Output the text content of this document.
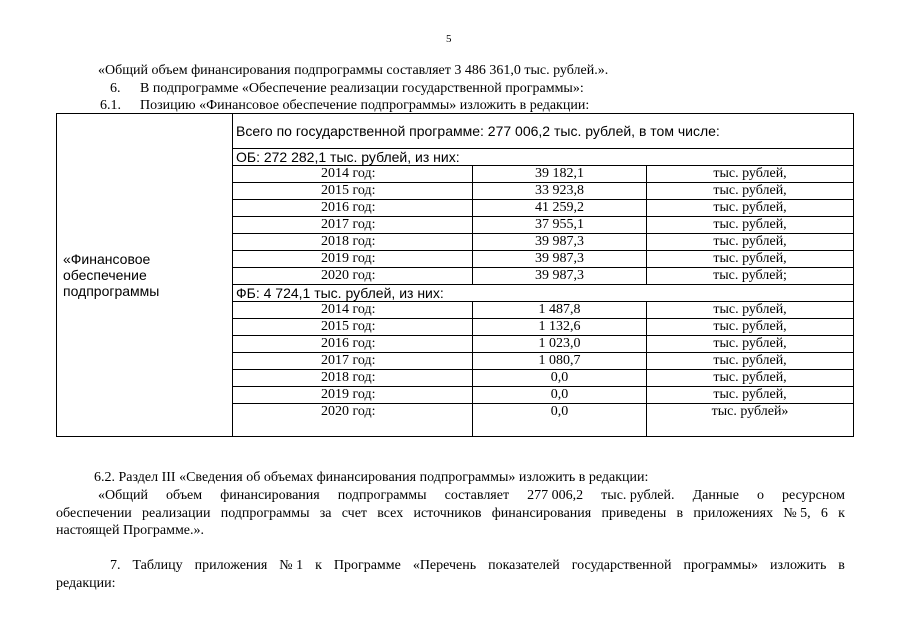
5
«Общий объем финансирования подпрограммы составляет 3 486 361,0 тыс. рублей.».
6. В подпрограмме «Обеспечение реализации государственной программы»:
6.1. Позицию «Финансовое обеспечение подпрограммы» изложить в редакции:
«Финансовое обеспечение подпрограммы	Всего по государственной программе: 277 006,2 тыс. рублей, в том числе:		
	ОБ: 272 282,1 тыс. рублей, из них:		
	2014 год:	39 182,1	тыс. рублей,
	2015 год:	33 923,8	тыс. рублей,
	2016 год:	41 259,2	тыс. рублей,
	2017 год:	37 955,1	тыс. рублей,
	2018 год:	39 987,3	тыс. рублей,
	2019 год:	39 987,3	тыс. рублей,
	2020 год:	39 987,3	тыс. рублей;
	ФБ: 4 724,1 тыс. рублей, из них:		
	2014 год:	1 487,8	тыс. рублей,
	2015 год:	1 132,6	тыс. рублей,
	2016 год:	1 023,0	тыс. рублей,
	2017 год:	1 080,7	тыс. рублей,
	2018 год:	0,0	тыс. рублей,
	2019 год:	0,0	тыс. рублей,
	2020 год:	0,0	тыс. рублей»
6.2. Раздел III «Сведения об объемах финансирования подпрограммы» изложить в редакции:
«Общий объем финансирования подпрограммы составляет 277 006,2 тыс. рублей. Данные о ресурсном
обеспечении реализации подпрограммы за счет всех источников финансирования приведены в приложениях № 5, 6 к
настоящей Программе.».
7. Таблицу приложения № 1 к Программе «Перечень показателей государственной программы» изложить в
редакции:
